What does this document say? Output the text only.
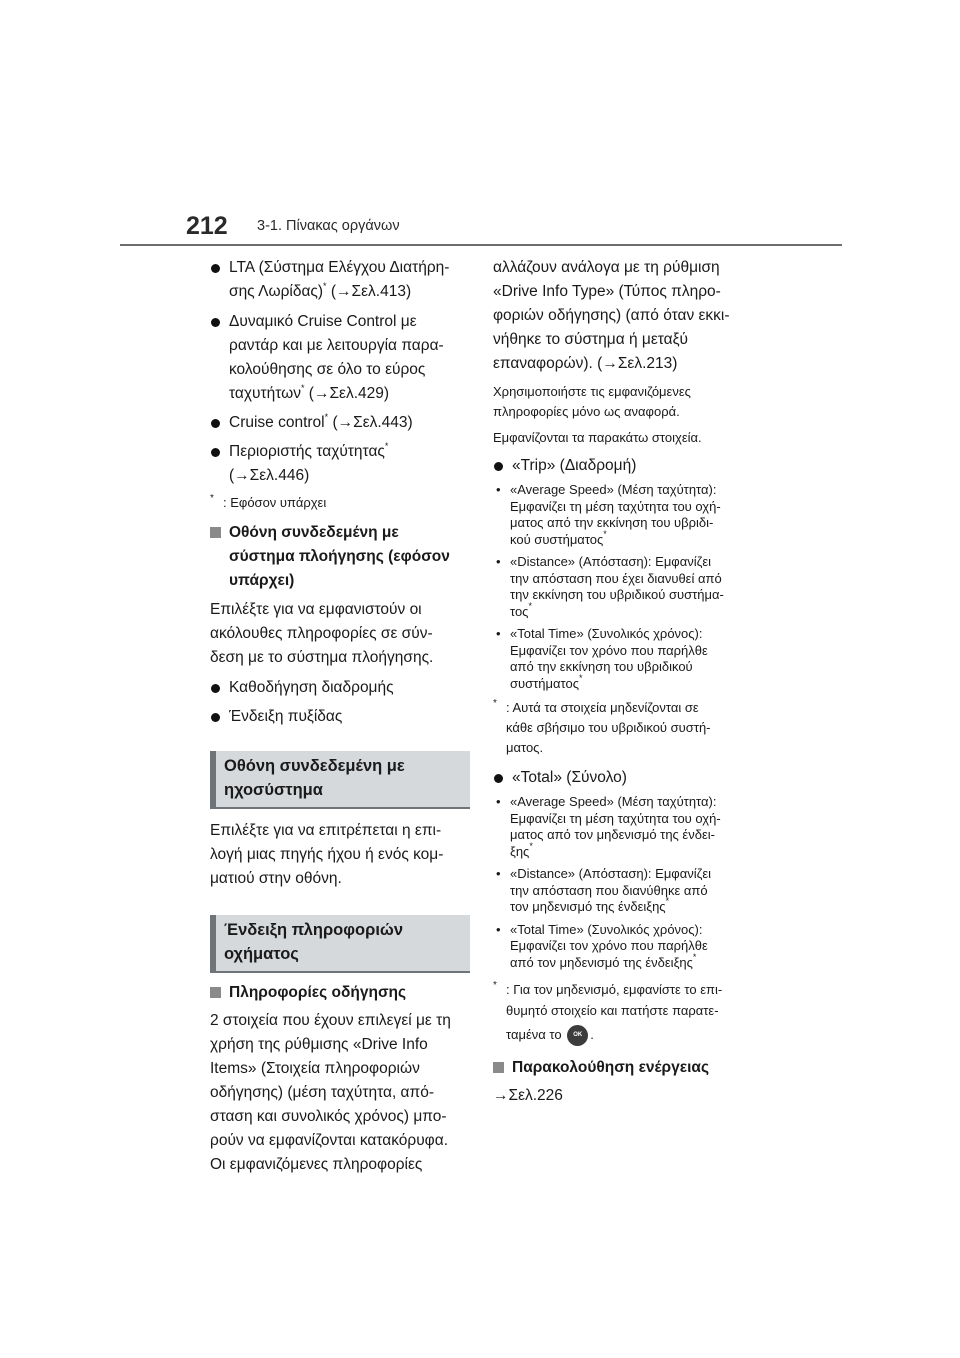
212 3-1. Πίνακας οργάνων
LTA (Σύστημα Ελέγχου Διατήρη-
σης Λωρίδας)* (→Σελ.413)
Δυναμικό Cruise Control με
ραντάρ και με λειτουργία παρα-
κολούθησης σε όλο το εύρος
ταχυτήτων* (→Σελ.429)
Cruise control* (→Σελ.443)
Περιοριστής ταχύτητας*
(→Σελ.446)
* : Εφόσον υπάρχει
Οθόνη συνδεδεμένη με
σύστημα πλοήγησης (εφόσον
υπάρχει)
Επιλέξτε για να εμφανιστούν οι
ακόλουθες πληροφορίες σε σύν-
δεση με το σύστημα πλοήγησης.
Καθοδήγηση διαδρομής
Ένδειξη πυξίδας
Οθόνη συνδεδεμένη με
ηχοσύστημα
Επιλέξτε για να επιτρέπεται η επι-
λογή μιας πηγής ήχου ή ενός κομ-
ματιού στην οθόνη.
Ένδειξη πληροφοριών
οχήματος
Πληροφορίες οδήγησης
2 στοιχεία που έχουν επιλεγεί με τη
χρήση της ρύθμισης «Drive Info
Items» (Στοιχεία πληροφοριών
οδήγησης) (μέση ταχύτητα, από-
σταση και συνολικός χρόνος) μπο-
ρούν να εμφανίζονται κατακόρυφα.
Οι εμφανιζόμενες πληροφορίες
αλλάζουν ανάλογα με τη ρύθμιση
«Drive Info Type» (Τύπος πληρο-
φοριών οδήγησης) (από όταν εκκι-
νήθηκε το σύστημα ή μεταξύ
επαναφορών). (→Σελ.213)
Χρησιμοποιήστε τις εμφανιζόμενες
πληροφορίες μόνο ως αναφορά.
Εμφανίζονται τα παρακάτω στοιχεία.
«Trip» (Διαδρομή)
• «Average Speed» (Μέση ταχύτητα):
Εμφανίζει τη μέση ταχύτητα του οχή-
ματος από την εκκίνηση του υβριδι-
κού συστήματος*
• «Distance» (Απόσταση): Εμφανίζει
την απόσταση που έχει διανυθεί από
την εκκίνηση του υβριδικού συστήμα-
τος*
• «Total Time» (Συνολικός χρόνος):
Εμφανίζει τον χρόνο που παρήλθε
από την εκκίνηση του υβριδικού
συστήματος*
* : Αυτά τα στοιχεία μηδενίζονται σε
κάθε σβήσιμο του υβριδικού συστή-
ματος.
«Total» (Σύνολο)
• «Average Speed» (Μέση ταχύτητα):
Εμφανίζει τη μέση ταχύτητα του οχή-
ματος από τον μηδενισμό της ένδει-
ξης*
• «Distance» (Απόσταση): Εμφανίζει
την απόσταση που διανύθηκε από
τον μηδενισμό της ένδειξης*
• «Total Time» (Συνολικός χρόνος):
Εμφανίζει τον χρόνο που παρήλθε
από τον μηδενισμό της ένδειξης*
* : Για τον μηδενισμό, εμφανίστε το επι-
θυμητό στοιχείο και πατήστε παρατε-
ταμένα το OK .
Παρακολούθηση ενέργειας
→Σελ.226
